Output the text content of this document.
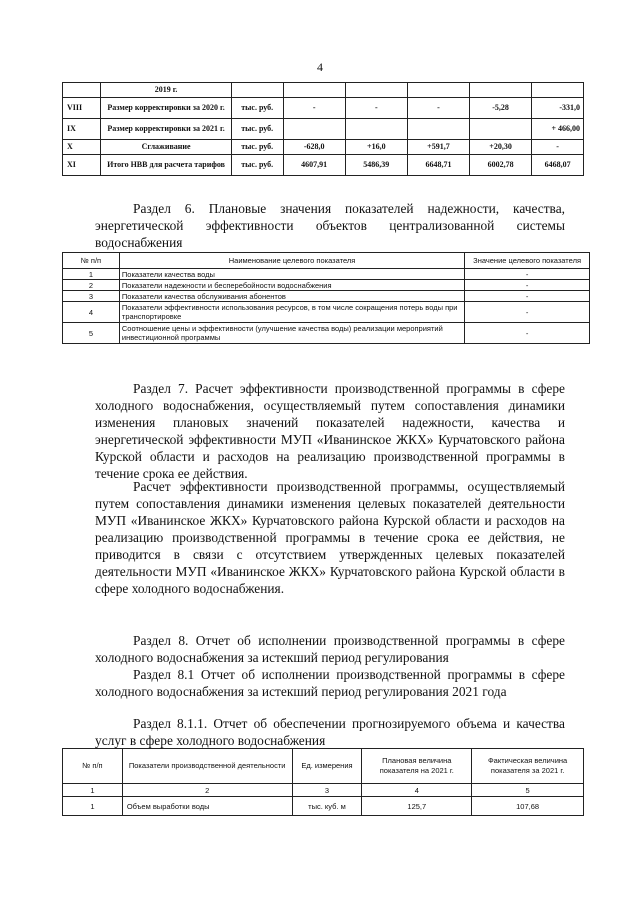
4
	2019 г.						
VIII	Размер корректировки за 2020 г.	тыс. руб.	-	-	-	-5,28	-331,0
IX	Размер корректировки за 2021 г.	тыс. руб.					+ 466,00
X	Сглаживание	тыс. руб.	-628,0	+16,0	+591,7	+20,30	-
XI	Итого НВВ для расчета тарифов	тыс. руб.	4607,91	5486,39	6648,71	6002,78	6468,07

Раздел 6. Плановые значения показателей надежности, качества, энергетической эффективности объектов централизованной системы водоснабжения

№ п/п	Наименование целевого показателя	Значение целевого показателя
1	Показатели качества воды	-
2	Показатели надежности и бесперебойности водоснабжения	-
3	Показатели качества обслуживания абонентов	-
4	Показатели эффективности использования ресурсов, в том числе сокращения потерь воды при транспортировке	-
5	Соотношение цены и эффективности (улучшение качества воды) реализации мероприятий инвестиционной программы	-

Раздел 7. Расчет эффективности производственной программы в сфере холодного водоснабжения, осуществляемый путем сопоставления динамики изменения плановых значений показателей надежности, качества и энергетической эффективности МУП «Иванинское ЖКХ» Курчатовского района Курской области и расходов на реализацию производственной программы в течение срока ее действия.

Расчет эффективности производственной программы, осуществляемый путем сопоставления динамики изменения целевых показателей деятельности МУП «Иванинское ЖКХ» Курчатовского района Курской области и расходов на реализацию производственной программы в течение срока ее действия, не приводится в связи с отсутствием утвержденных целевых показателей деятельности МУП «Иванинское ЖКХ» Курчатовского района Курской области в сфере холодного водоснабжения.

Раздел 8. Отчет об исполнении производственной программы в сфере холодного водоснабжения за истекший период регулирования

Раздел 8.1 Отчет об исполнении производственной программы в сфере холодного водоснабжения за истекший период регулирования 2021 года

Раздел 8.1.1. Отчет об обеспечении прогнозируемого объема и качества услуг в сфере холодного водоснабжения

№ п/п	Показатели производственной деятельности	Ед. измерения	Плановая величина показателя на 2021 г.	Фактическая величина показателя за 2021 г.
1	2	3	4	5
1	Объем выработки воды	тыс. куб. м	125,7	107,68
